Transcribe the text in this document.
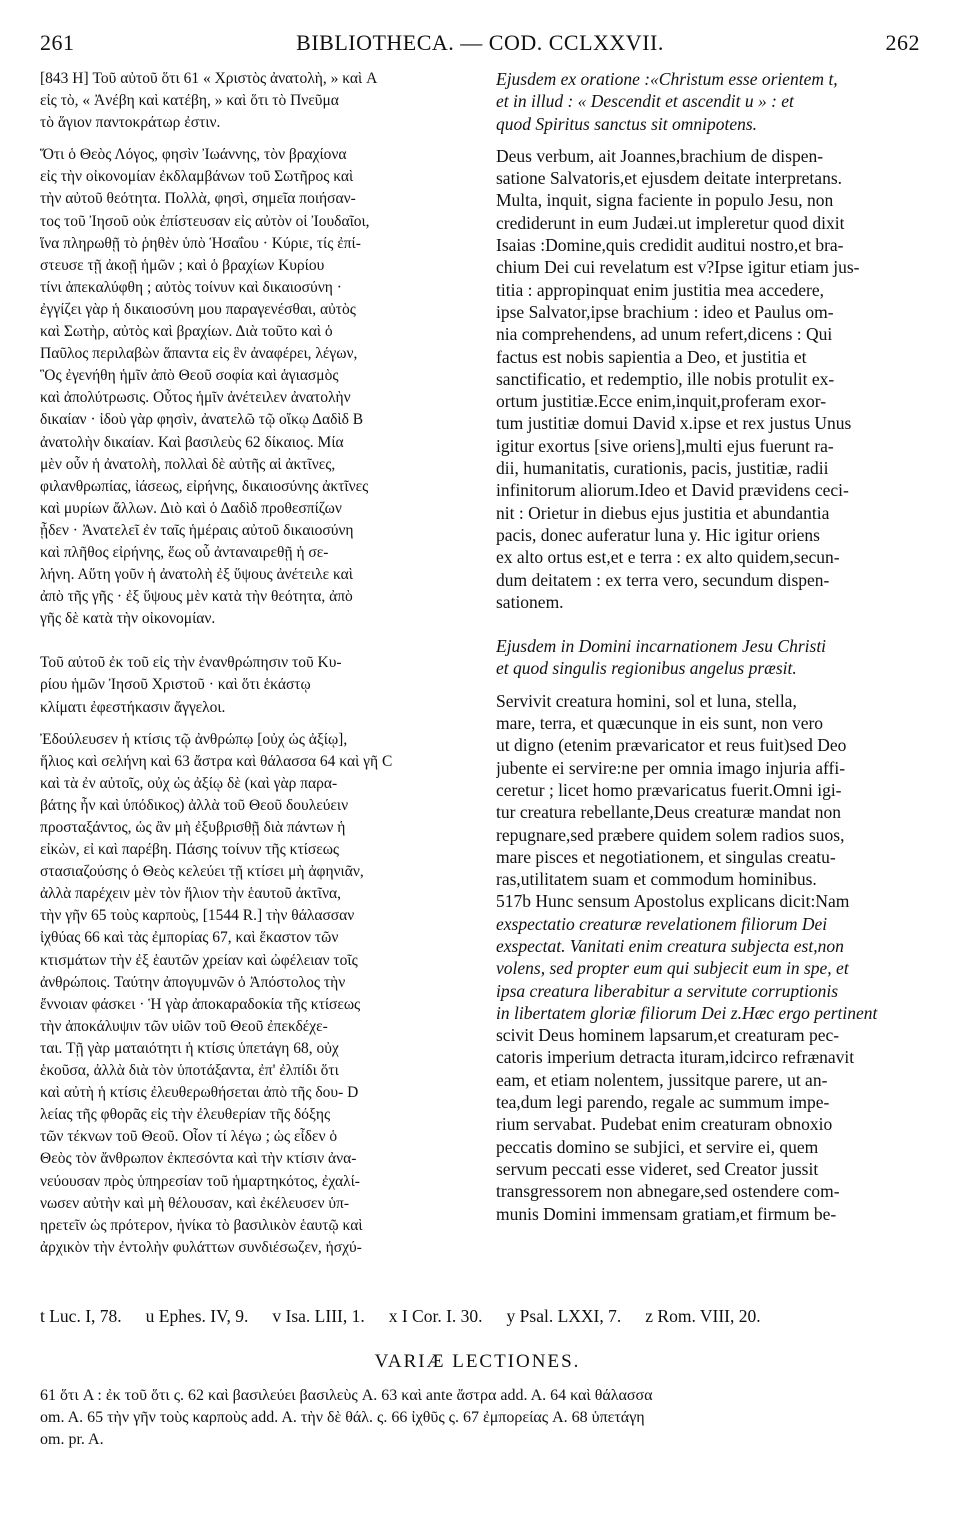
261	BIBLIOTHECA. — COD. CCLXXVII.	262
[843 H] Τοῦ αὐτοῦ ὅτι 61 « Χριστὸς ἀνατολὴ, » καὶ A
εἰς τὸ, « Ἀνέβη καὶ κατέβη, » καὶ ὅτι τὸ Πνεῦμα
τὸ ἅγιον παντοκράτωρ ἐστιν.
Ὅτι ὁ Θεὸς Λόγος, φησὶν Ἰωάννης, τὸν βραχίονα
εἰς τὴν οἰκονομίαν ἐκδλαμβάνων τοῦ Σωτῆρος καὶ
τὴν αὐτοῦ θεότητα. Πολλὰ, φησὶ, σημεῖα ποιήσαν-
τος τοῦ Ἰησοῦ οὐκ ἐπίστευσαν εἰς αὐτὸν οἱ Ἰουδαῖοι,
ἵνα πληρωθῇ τὸ ῥηθὲν ὑπὸ Ἡσαΐου · Κύριε, τίς ἐπί-
στευσε τῇ ἀκοῇ ἡμῶν ; καὶ ὁ βραχίων Κυρίου
τίνι ἀπεκαλύφθη ; αὐτὸς τοίνυν καὶ δικαιοσύνη ·
ἐγγίζει γὰρ ἡ δικαιοσύνη μου παραγενέσθαι, αὐτὸς
καὶ Σωτὴρ, αὐτὸς καὶ βραχίων. Διὰ τοῦτο καὶ ὁ
Παῦλος περιλαβὼν ἅπαντα εἰς ἓν ἀναφέρει, λέγων,
Ὃς ἐγενήθη ἡμῖν ἀπὸ Θεοῦ σοφία καὶ ἁγιασμὸς
καὶ ἀπολύτρωσις. Οὗτος ἡμῖν ἀνέτειλεν ἀνατολὴν
δικαίαν · ἰδοὺ γὰρ φησὶν, ἀνατελῶ τῷ οἴκῳ Δαδὶδ B
ἀνατολὴν δικαίαν. Καὶ βασιλεὺς 62 δίκαιος. Μία
μὲν οὖν ἡ ἀνατολὴ, πολλαὶ δὲ αὐτῆς αἱ ἀκτῖνες,
φιλανθρωπίας, ἰάσεως, εἰρήνης, δικαιοσύνης ἀκτῖνες
καὶ μυρίων ἄλλων. Διὸ καὶ ὁ Δαδὶδ προθεσπίζων
ᾖδεν · Ἀνατελεῖ ἐν ταῖς ἡμέραις αὐτοῦ δικαιοσύνη
καὶ πλῆθος εἰρήνης, ἕως οὗ ἀνταναιρεθῇ ἡ σε-
λήνη. Αὕτη γοῦν ἡ ἀνατολὴ ἐξ ὕψους ἀνέτειλε καὶ
ἀπὸ τῆς γῆς · ἐξ ὕψους μὲν κατὰ τὴν θεότητα, ἀπὸ
γῆς δὲ κατὰ τὴν οἰκονομίαν.
Τοῦ αὐτοῦ ἐκ τοῦ εἰς τὴν ἐνανθρώπησιν τοῦ Κυ-
ρίου ἡμῶν Ἰησοῦ Χριστοῦ · καὶ ὅτι ἑκάστῳ
κλίματι ἐφεστήκασιν ἄγγελοι.
Ἐδούλευσεν ἡ κτίσις τῷ ἀνθρώπῳ [οὐχ ὡς ἀξίῳ],
ἥλιος καὶ σελήνη καὶ 63 ἄστρα καὶ θάλασσα 64 καὶ γῆ C
καὶ τὰ ἐν αὐτοῖς, οὐχ ὡς ἀξίῳ δὲ (καὶ γὰρ παρα-
βάτης ἦν καὶ ὑπόδικος) ἀλλὰ τοῦ Θεοῦ δουλεύειν
προσταξάντος, ὡς ἂν μὴ ἐξυβρισθῇ διὰ πάντων ἡ
εἰκὼν, εἰ καὶ παρέβη. Πάσης τοίνυν τῆς κτίσεως
στασιαζούσης ὁ Θεὸς κελεύει τῇ κτίσει μὴ ἀφηνιᾶν,
ἀλλὰ παρέχειν μὲν τὸν ἥλιον τὴν ἑαυτοῦ ἀκτῖνα,
τὴν γῆν 65 τοὺς καρποὺς, [1544 R.] τὴν θάλασσαν
ἰχθύας 66 καὶ τὰς ἐμπορίας 67, καὶ ἕκαστον τῶν
κτισμάτων τὴν ἐξ ἑαυτῶν χρείαν καὶ ὠφέλειαν τοῖς
ἀνθρώποις. Ταύτην ἀπογυμνῶν ὁ Ἀπόστολος τὴν
ἔννοιαν φάσκει · Ἡ γὰρ ἀποκαραδοκία τῆς κτίσεως
τὴν ἀποκάλυψιν τῶν υἱῶν τοῦ Θεοῦ ἐπεκδέχε-
ται. Τῇ γὰρ ματαιότητι ἡ κτίσις ὑπετάγη 68, οὐχ
ἑκοῦσα, ἀλλὰ διὰ τὸν ὑποτάξαντα, ἐπ' ἐλπίδι ὅτι
καὶ αὐτὴ ἡ κτίσις ἐλευθερωθήσεται ἀπὸ τῆς δου- D
λείας τῆς φθορᾶς εἰς τὴν ἐλευθερίαν τῆς δόξης
τῶν τέκνων τοῦ Θεοῦ. Οἷον τί λέγω ; ὡς εἶδεν ὁ
Θεὸς τὸν ἄνθρωπον ἐκπεσόντα καὶ τὴν κτίσιν ἀνα-
νεύουσαν πρὸς ὑπηρεσίαν τοῦ ἡμαρτηκότος, ἐχαλί-
νωσεν αὐτὴν καὶ μὴ θέλουσαν, καὶ ἐκέλευσεν ὑπ-
ηρετεῖν ὡς πρότερον, ἠνίκα τὸ βασιλικὸν ἑαυτῷ καὶ
ἀρχικὸν τὴν ἐντολὴν φυλάττων συνδιέσωζεν, ἡσχύ-
Ejusdem ex oratione :«Christum esse orientem t,
et in illud : « Descendit et ascendit u » : et
quod Spiritus sanctus sit omnipotens.
Deus verbum, ait Joannes,brachium de dispen-
satione Salvatoris,et ejusdem deitate interpretans.
Multa, inquit, signa faciente in populo Jesu, non
crediderunt in eum Judæi.ut impleretur quod dixit
Isaias :Domine,quis credidit auditui nostro,et bra-
chium Dei cui revelatum est v?Ipse igitur etiam jus-
titia : appropinquat enim justitia mea accedere,
ipse Salvator,ipse brachium : ideo et Paulus om-
nia comprehendens, ad unum refert,dicens : Qui
factus est nobis sapientia a Deo, et justitia et
sanctificatio, et redemptio, ille nobis protulit ex-
ortum justitiæ.Ecce enim,inquit,proferam exor-
tum justitiæ domui David x.ipse et rex justus Unus
igitur exortus [sive oriens],multi ejus fuerunt ra-
dii, humanitatis, curationis, pacis, justitiæ, radii
infinitorum aliorum.Ideo et David prævidens ceci-
nit : Orietur in diebus ejus justitia et abundantia
pacis, donec auferatur luna y. Hic igitur oriens
ex alto ortus est,et e terra : ex alto quidem,secun-
dum deitatem : ex terra vero, secundum dispen-
sationem.
Ejusdem in Domini incarnationem Jesu Christi
et quod singulis regionibus angelus præsit.
Servivit creatura homini, sol et luna, stella,
mare, terra, et quæcunque in eis sunt, non vero
ut digno (etenim prævaricator et reus fuit)sed Deo
jubente ei servire:ne per omnia imago injuria affi-
ceretur ; licet homo prævaricatus fuerit.Omni igi-
tur creatura rebellante,Deus creaturæ mandat non
repugnare,sed præbere quidem solem radios suos,
mare pisces et negotiationem, et singulas creatu-
ras,utilitatem suam et commodum hominibus.
517b Hunc sensum Apostolus explicans dicit:Nam
exspectatio creaturæ revelationem filiorum Dei
exspectat. Vanitati enim creatura subjecta est,non
volens, sed propter eum qui subjecit eum in spe, et
ipsa creatura liberabitur a servitute corruptionis
in libertatem gloriæ filiorum Dei z.Hæc ergo pertinent
scivit Deus hominem lapsarum,et creaturam pec-
catoris imperium detracta ituram,idcirco refrænavit
eam, et etiam nolentem, jussitque parere, ut an-
tea,dum legi parendo, regale ac summum impe-
rium servabat. Pudebat enim creaturam obnoxio
peccatis domino se subjici, et servire ei, quem
servum peccati esse videret, sed Creator jussit
transgressorem non abnegare,sed ostendere com-
munis Domini immensam gratiam,et firmum be-
t Luc. I, 78. u Ephes. IV, 9. v Isa. LIII, 1. x I Cor. I. 30. y Psal. LXXI, 7. z Rom. VIII, 20.
VARIÆ LECTIONES.
61 ὅτι A : ἐκ τοῦ ὅτι ς. 62 καὶ βασιλεύει βασιλεὺς A. 63 καὶ ante ἄστρα add. A. 64 καὶ θάλασσα
om. A. 65 τὴν γῆν τοὺς καρποὺς add. A. τὴν δὲ θάλ. ς. 66 ἰχθῦς ς. 67 ἐμπορείας A. 68 ὑπετάγη
om. pr. A.
